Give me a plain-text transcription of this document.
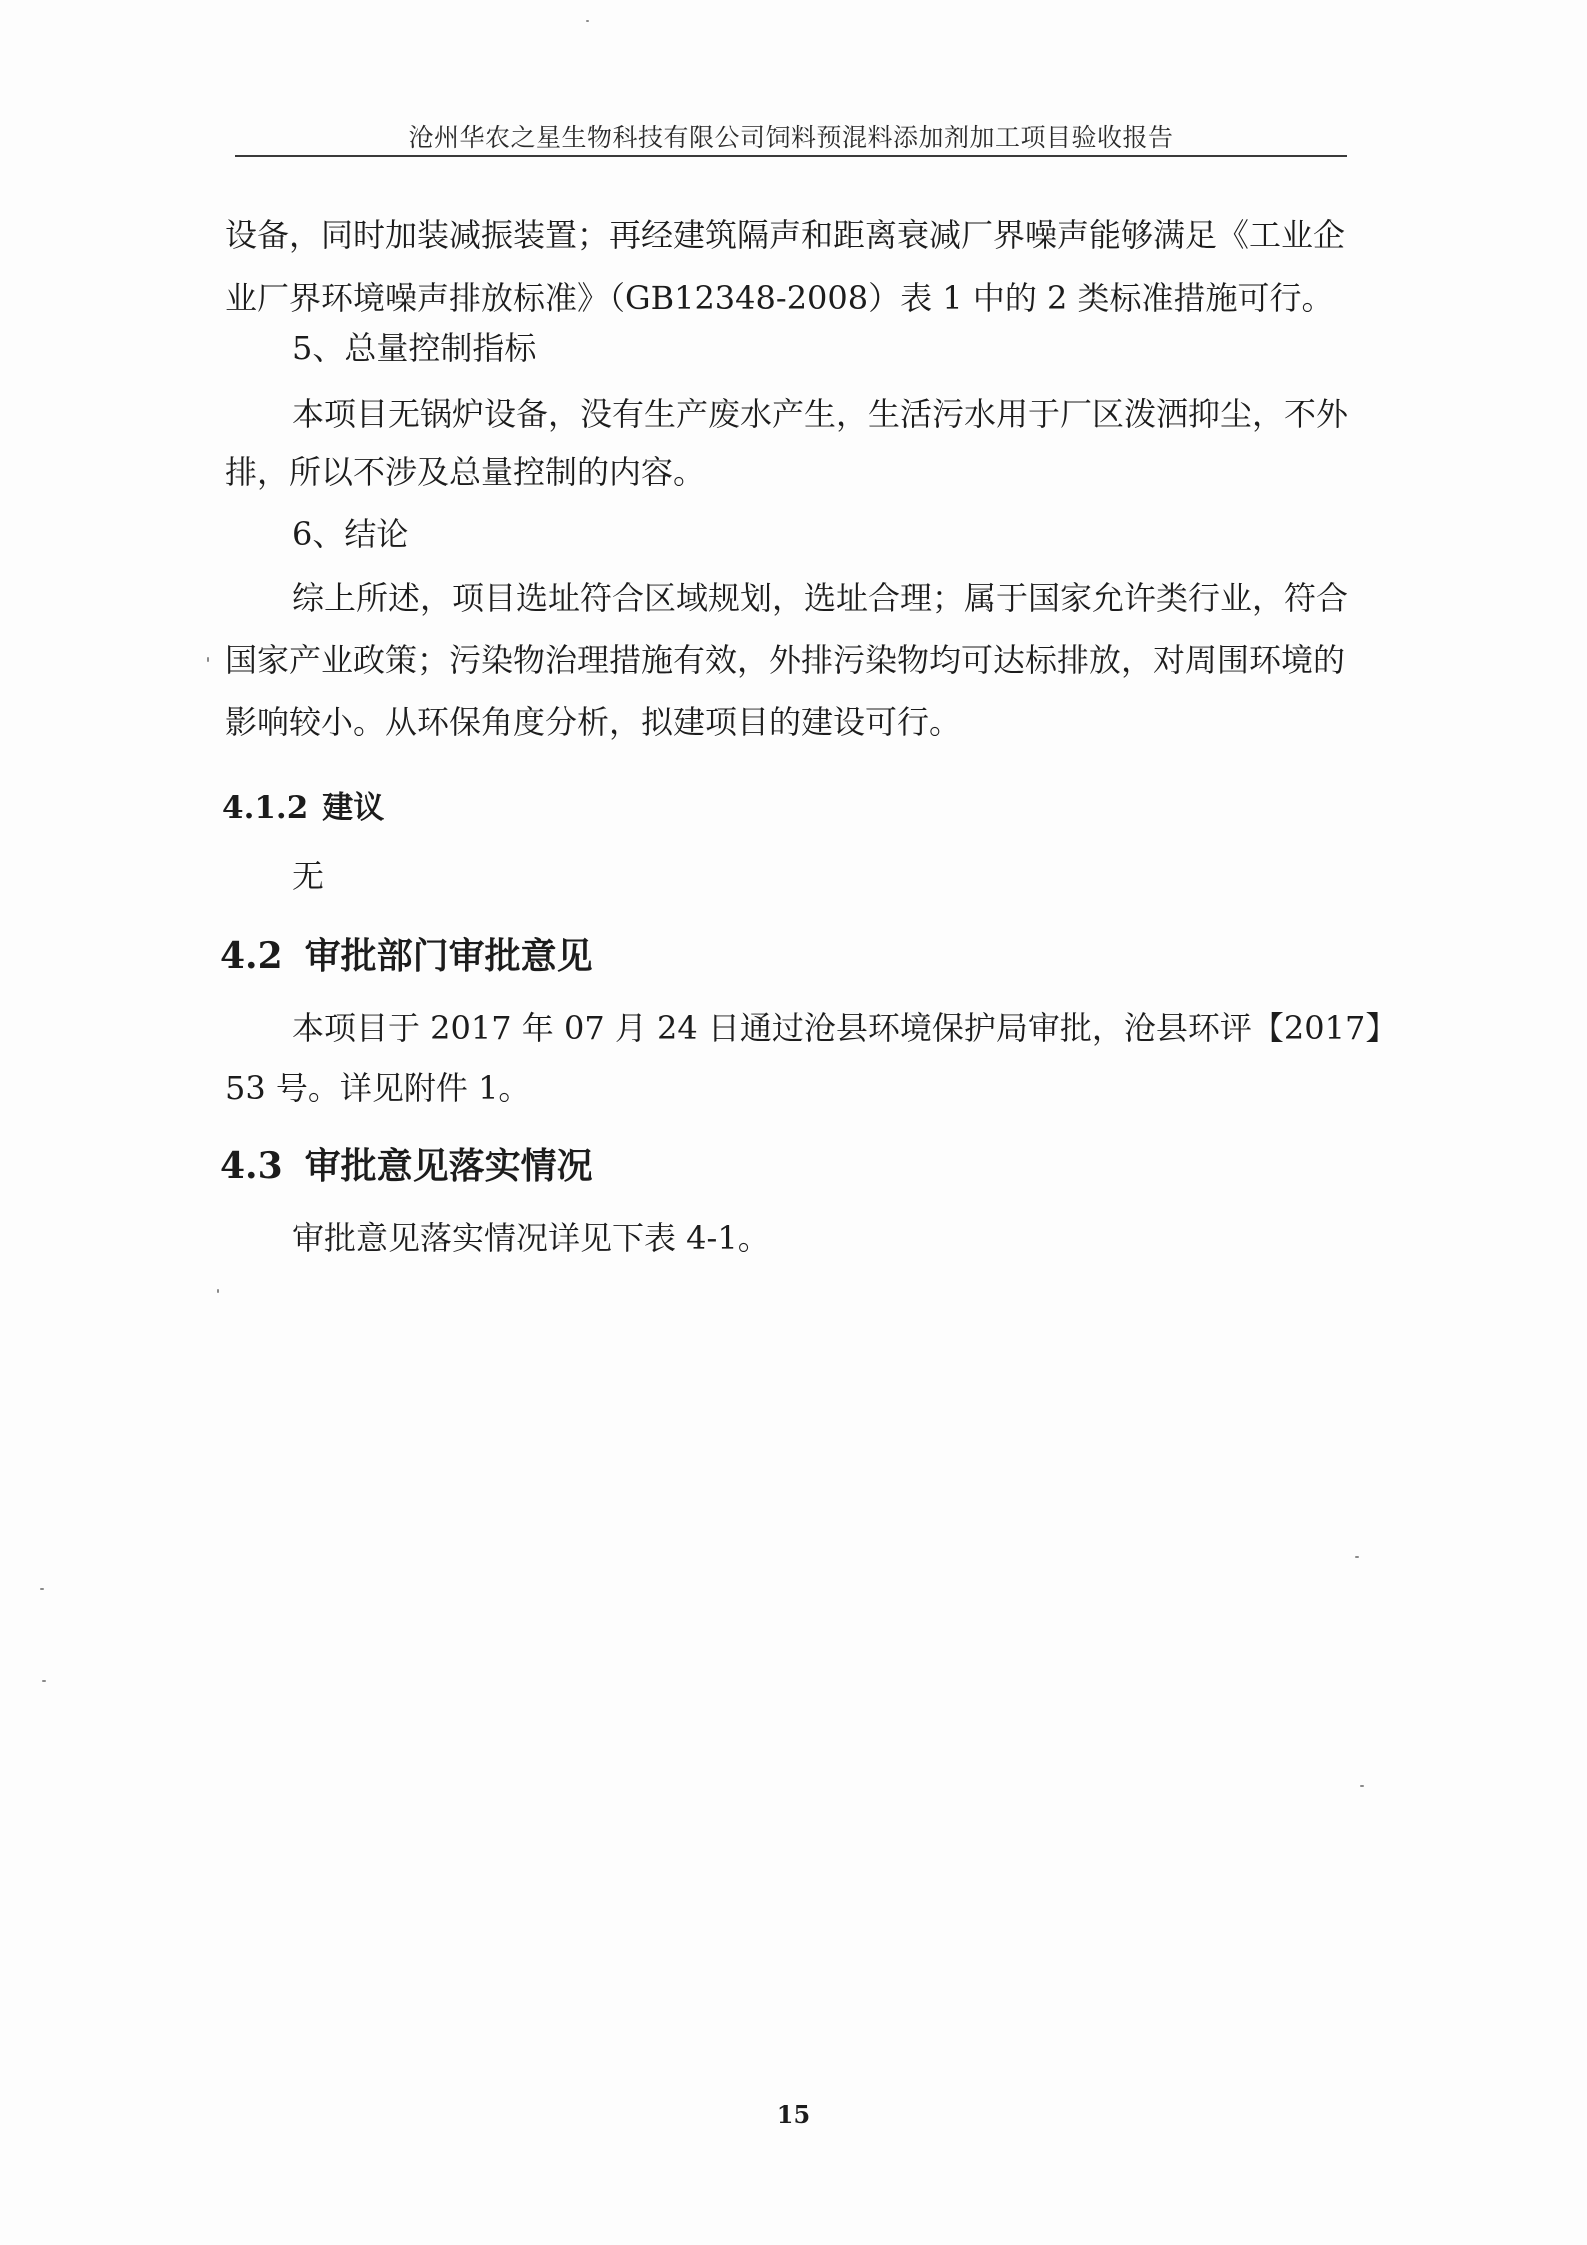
沧州华农之星生物科技有限公司饲料预混料添加剂加工项目验收报告
设备，同时加装减振装置；再经建筑隔声和距离衰减厂界噪声能够满足《工业企
业厂界环境噪声排放标准》（GB12348-2008）表 1 中的 2 类标准措施可行。
5、总量控制指标
本项目无锅炉设备，没有生产废水产生，生活污水用于厂区泼洒抑尘，不外
排，所以不涉及总量控制的内容。
6、结论
综上所述，项目选址符合区域规划，选址合理；属于国家允许类行业，符合
国家产业政策；污染物治理措施有效，外排污染物均可达标排放，对周围环境的
影响较小。从环保角度分析，拟建项目的建设可行。
4.1.2 建议
无
4.2 审批部门审批意见
本项目于 2017 年 07 月 24 日通过沧县环境保护局审批，沧县环评【2017】
53 号。详见附件 1。
4.3 审批意见落实情况
审批意见落实情况详见下表 4-1。
15
